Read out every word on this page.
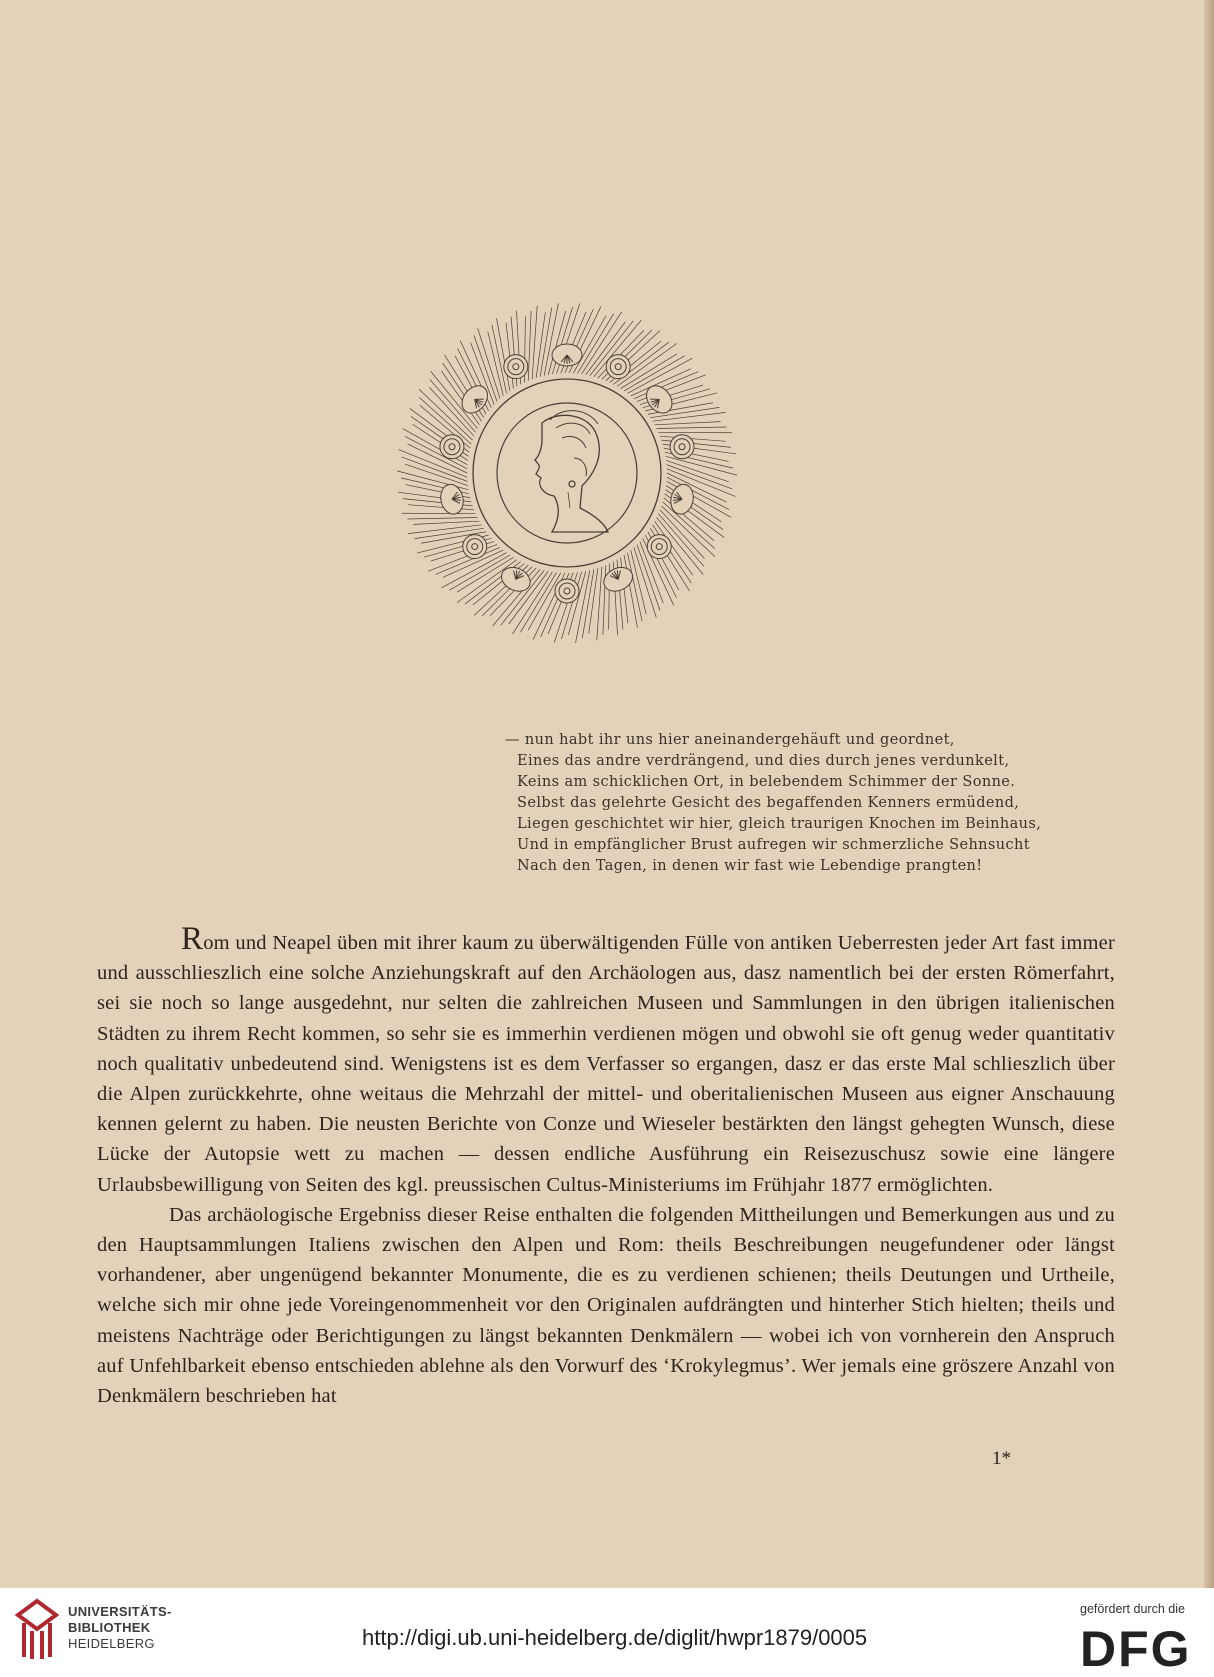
— nun habt ihr uns hier aneinandergehäuft und geordnet,
Eines das andre verdrängend, und dies durch jenes verdunkelt,
Keins am schicklichen Ort, in belebendem Schimmer der Sonne.
Selbst das gelehrte Gesicht des begaffenden Kenners ermüdend,
Liegen geschichtet wir hier, gleich traurigen Knochen im Beinhaus,
Und in empfänglicher Brust aufregen wir schmerzliche Sehnsucht
Nach den Tagen, in denen wir fast wie Lebendige prangten!

Rom und Neapel üben mit ihrer kaum zu überwältigenden Fülle von antiken Ueberresten jeder Art fast immer und ausschlieszlich eine solche Anziehungskraft auf den Archäologen aus, dasz namentlich bei der ersten Römerfahrt, sei sie noch so lange ausgedehnt, nur selten die zahlreichen Museen und Sammlungen in den übrigen italienischen Städten zu ihrem Recht kommen, so sehr sie es immerhin verdienen mögen und obwohl sie oft genug weder quantitativ noch qualitativ unbedeutend sind. Wenigstens ist es dem Verfasser so ergangen, dasz er das erste Mal schlieszlich über die Alpen zurückkehrte, ohne weitaus die Mehrzahl der mittel- und oberitalienischen Museen aus eigner Anschauung kennen gelernt zu haben. Die neusten Berichte von Conze und Wieseler bestärkten den längst gehegten Wunsch, diese Lücke der Autopsie wett zu machen — dessen endliche Ausführung ein Reisezuschusz sowie eine längere Urlaubsbewilligung von Seiten des kgl. preussischen Cultus-Ministeriums im Frühjahr 1877 ermöglichten.

Das archäologische Ergebniss dieser Reise enthalten die folgenden Mittheilungen und Bemerkungen aus und zu den Hauptsammlungen Italiens zwischen den Alpen und Rom: theils Beschreibungen neugefundener oder längst vorhandener, aber ungenügend bekannter Monumente, die es zu verdienen schienen; theils Deutungen und Urtheile, welche sich mir ohne jede Voreingenommenheit vor den Originalen aufdrängten und hinterher Stich hielten; theils und meistens Nachträge oder Berichtigungen zu längst bekannten Denkmälern — wobei ich von vornherein den Anspruch auf Unfehlbarkeit ebenso entschieden ablehne als den Vorwurf des ‘Krokylegmus’. Wer jemals eine gröszere Anzahl von Denkmälern beschrieben hat

1*
UNIVERSITÄTS-
BIBLIOTHEK
HEIDELBERG	http://digi.ub.uni-heidelberg.de/diglit/hwpr1879/0005
gefördert durch die
DFG
